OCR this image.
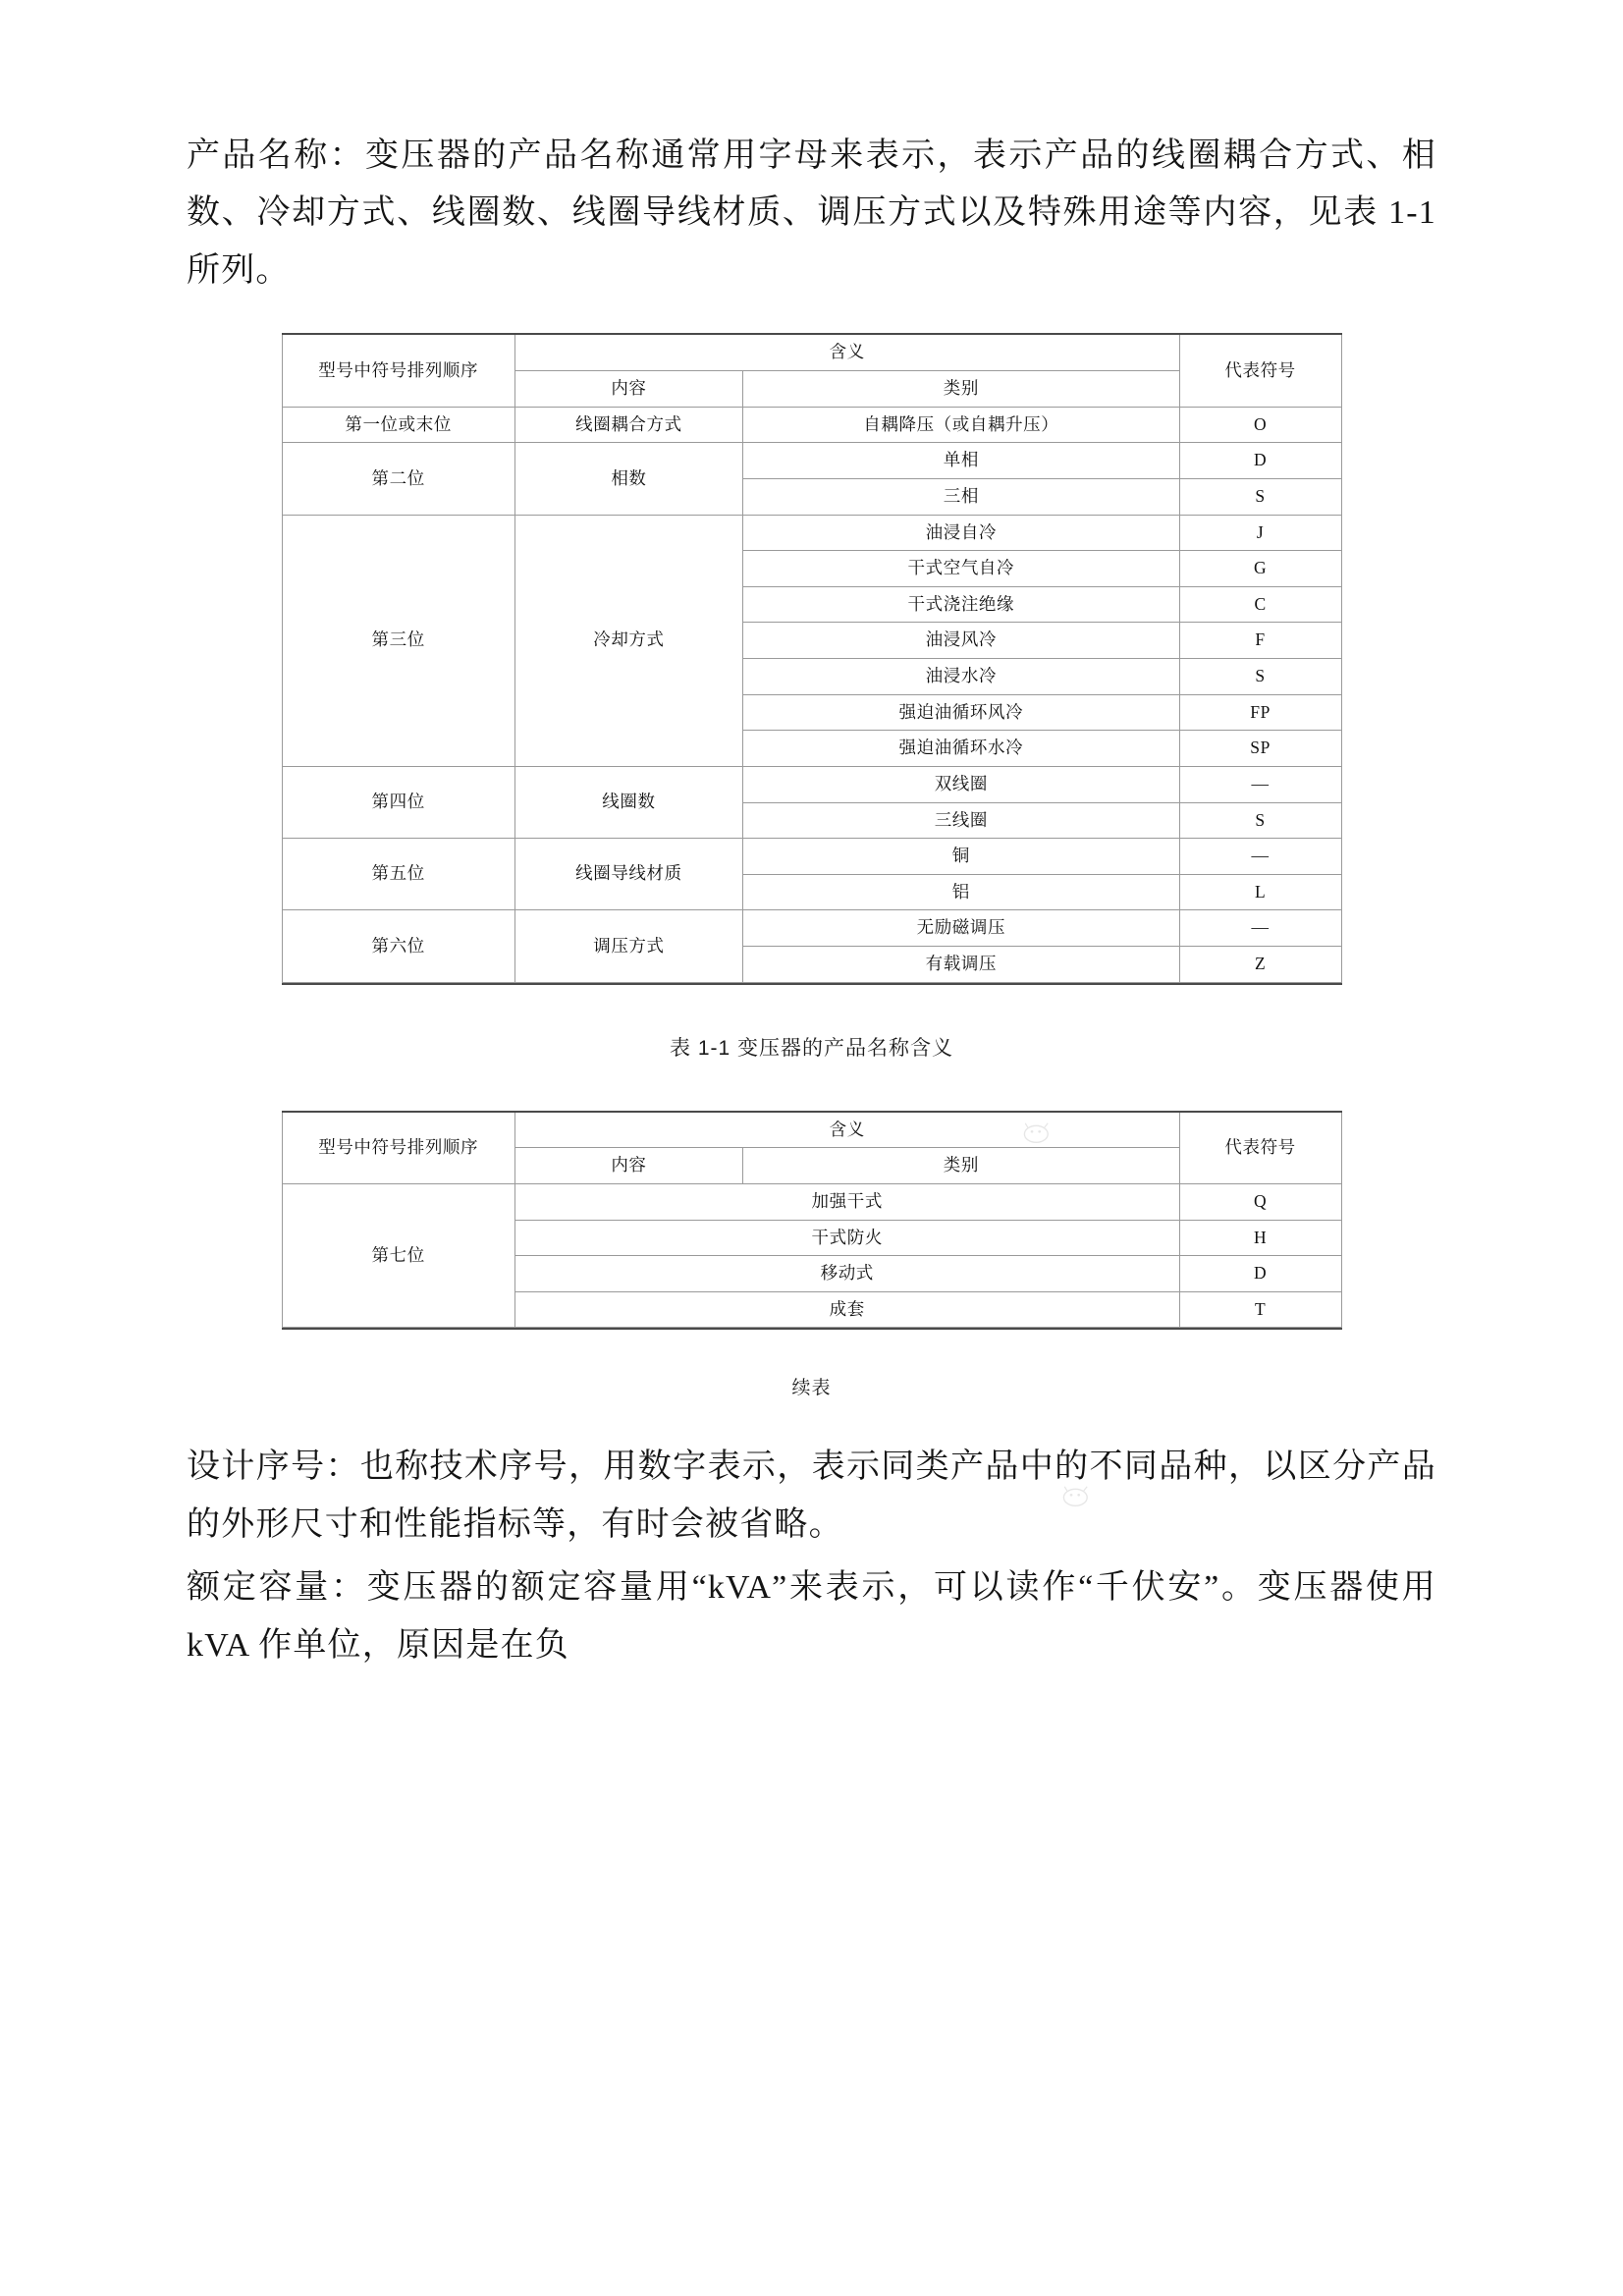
产品名称：变压器的产品名称通常用字母来表示，表示产品的线圈耦合方式、相数、冷却方式、线圈数、线圈导线材质、调压方式以及特殊用途等内容，见表 1-1 所列。

型号中符号排列顺序	含义		代表符号
	内容	类别	
第一位或末位	线圈耦合方式	自耦降压（或自耦升压）	O
第二位	相数	单相	D
		三相	S
第三位	冷却方式	油浸自冷	J
		干式空气自冷	G
		干式浇注绝缘	C
		油浸风冷	F
		油浸水冷	S
		强迫油循环风冷	FP
		强迫油循环水冷	SP
第四位	线圈数	双线圈	—
		三线圈	S
第五位	线圈导线材质	铜	—
		铝	L
第六位	调压方式	无励磁调压	—
		有载调压	Z
表 1-1 变压器的产品名称含义
型号中符号排列顺序	含义		代表符号
	内容	类别	
第七位	加强干式		Q
	干式防火		H
	移动式		D
	成套		T
续表

设计序号：也称技术序号，用数字表示，表示同类产品中的不同品种，以区分产品的外形尺寸和性能指标等，有时会被省略。

额定容量：变压器的额定容量用“kVA”来表示，可以读作“千伏安”。变压器使用 kVA 作单位，原因是在负
